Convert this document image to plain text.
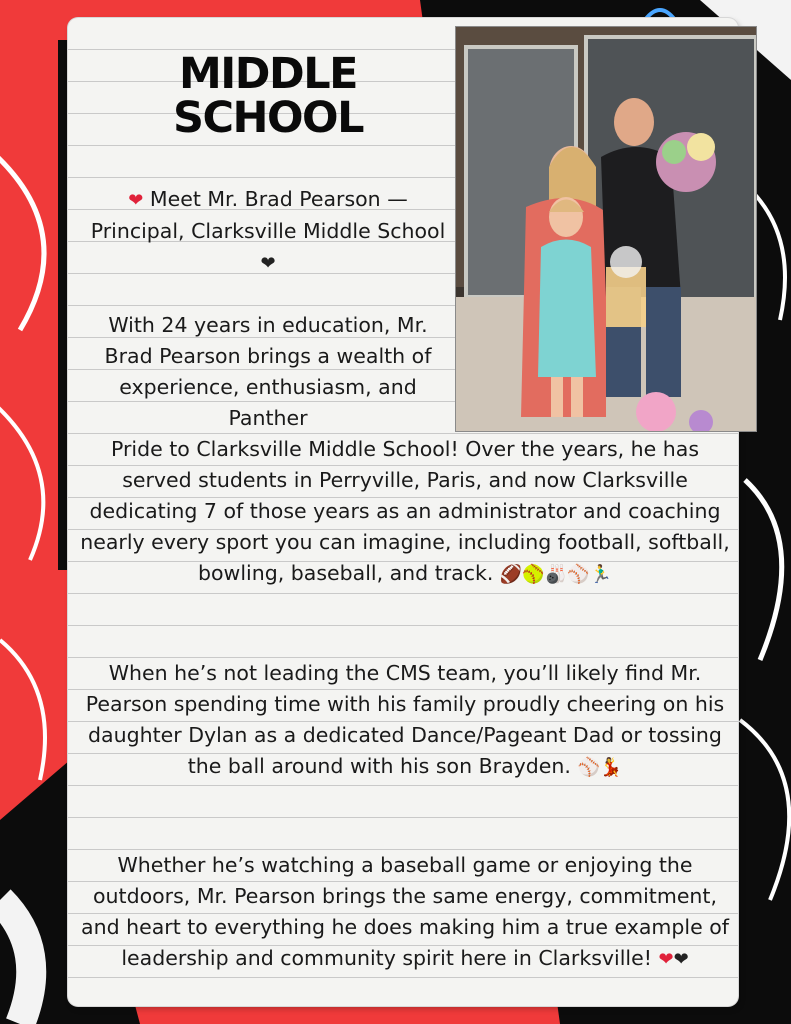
MIDDLE SCHOOL

❤ Meet Mr. Brad Pearson — Principal, Clarksville Middle School ❤

With 24 years in education, Mr. Brad Pearson brings a wealth of experience, enthusiasm, and Panther

Pride to Clarksville Middle School! Over the years, he has served students in Perryville, Paris, and now Clarksville dedicating 7 of those years as an administrator and coaching nearly every sport you can imagine, including football, softball, bowling, baseball, and track. 🏈🥎🎳⚾🏃‍♂️

When he’s not leading the CMS team, you’ll likely find Mr. Pearson spending time with his family proudly cheering on his daughter Dylan as a dedicated Dance/Pageant Dad or tossing the ball around with his son Brayden. ⚾💃

Whether he’s watching a baseball game or enjoying the outdoors, Mr. Pearson brings the same energy, commitment, and heart to everything he does making him a true example of leadership and community spirit here in Clarksville! ❤❤
